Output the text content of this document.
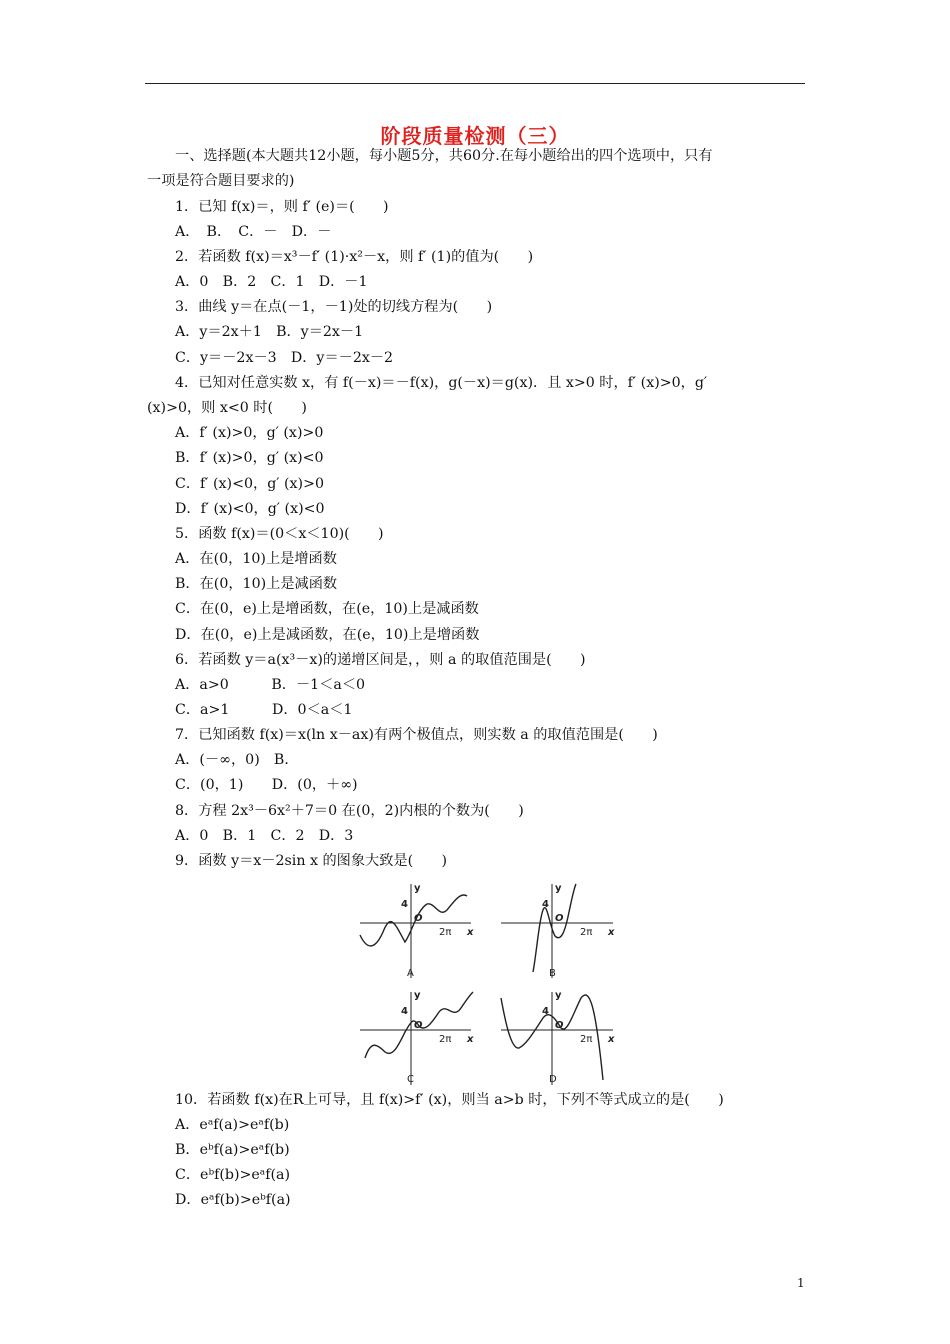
阶段质量检测（三）
一、选择题(本大题共12小题，每小题5分，共60分.在每小题给出的四个选项中，只有
一项是符合题目要求的)
1．已知 f(x)＝，则 f′ (e)＝(　　)
A．　B．　C．－　D．－
2．若函数 f(x)＝x³－f′ (1)·x²－x，则 f′ (1)的值为(　　)
A．0　B．2　C．1　D．－1
3．曲线 y＝在点(－1，－1)处的切线方程为(　　)
A．y＝2x＋1　B．y＝2x－1
C．y＝－2x－3　D．y＝－2x－2
4．已知对任意实数 x，有 f(－x)＝－f(x)，g(－x)＝g(x)．且 x>0 时，f′ (x)>0，g′
(x)>0，则 x<0 时(　　)
A．f′ (x)>0，g′ (x)>0
B．f′ (x)>0，g′ (x)<0
C．f′ (x)<0，g′ (x)>0
D．f′ (x)<0，g′ (x)<0
5．函数 f(x)＝(0＜x＜10)(　　)
A．在(0，10)上是增函数
B．在(0，10)上是减函数
C．在(0，e)上是增函数，在(e，10)上是减函数
D．在(0，e)上是减函数，在(e，10)上是增函数
6．若函数 y＝a(x³－x)的递增区间是，，则 a 的取值范围是(　　)
A．a>0　　　B．－1＜a＜0
C．a>1　　　D．0＜a＜1
7．已知函数 f(x)＝x(ln x－ax)有两个极值点，则实数 a 的取值范围是(　　)
A．(－∞，0)　B．
C．(0，1)　　D．(0，＋∞)
8．方程 2x³－6x²＋7＝0 在(0，2)内根的个数为(　　)
A．0　B．1　C．2　D．3
9．函数 y＝x－2sin x 的图象大致是(　　)
y
4
O
2π x
A
y
4
O
2π x
B
y
4
O
2π x
C
y
4
O
2π x
D
10．若函数 f(x)在R上可导，且 f(x)>f′ (x)，则当 a>b 时，下列不等式成立的是(　　)
A．eᵃf(a)>eᵃf(b)
B．eᵇf(a)>eᵃf(b)
C．eᵇf(b)>eᵃf(a)
D．eᵃf(b)>eᵇf(a)
1
